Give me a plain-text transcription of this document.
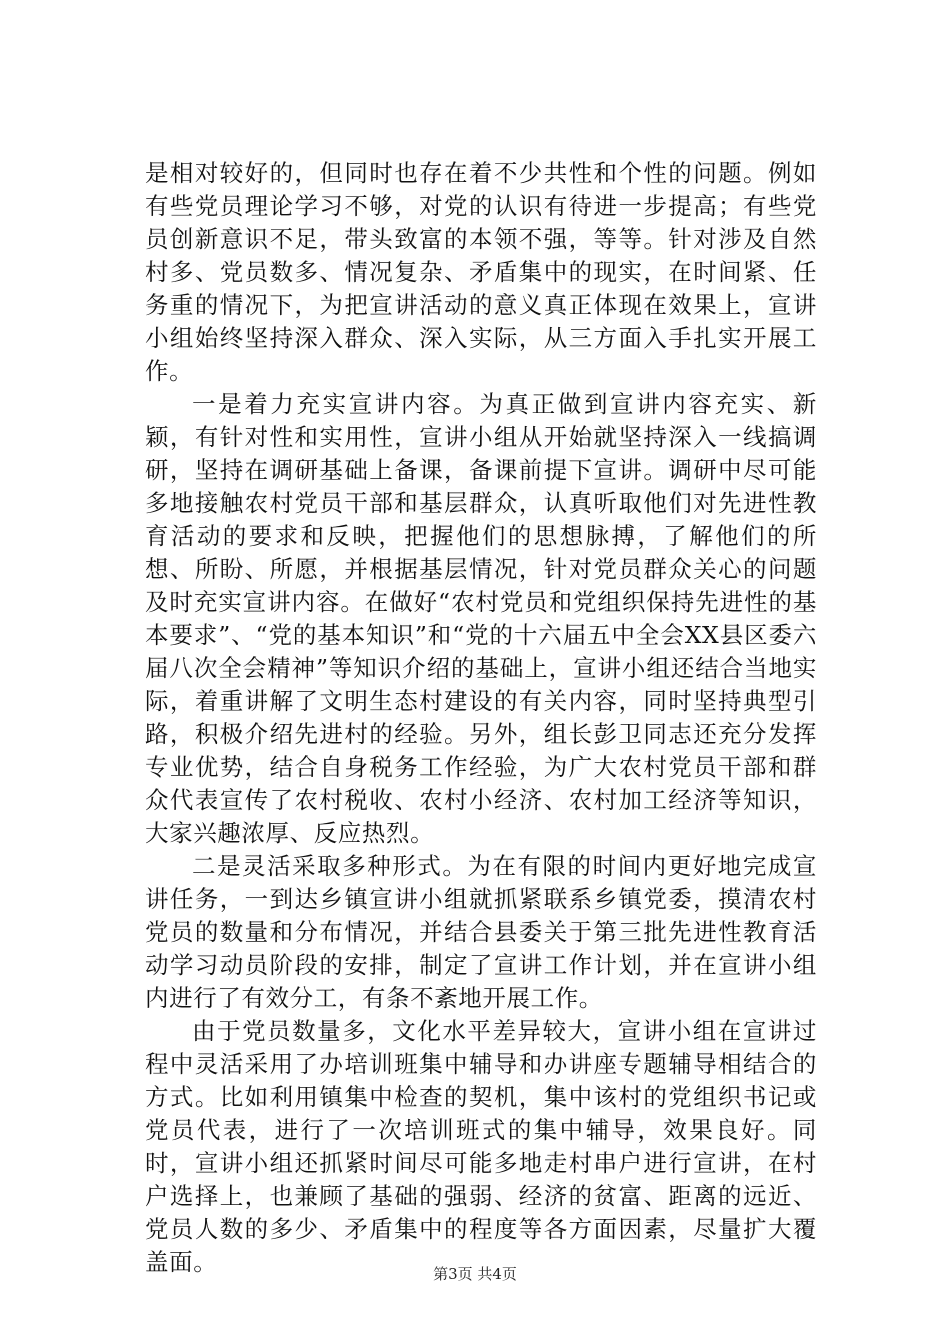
是相对较好的，但同时也存在着不少共性和个性的问题。例如有些党员理论学习不够，对党的认识有待进一步提高；有些党员创新意识不足，带头致富的本领不强，等等。针对涉及自然村多、党员数多、情况复杂、矛盾集中的现实，在时间紧、任务重的情况下，为把宣讲活动的意义真正体现在效果上，宣讲小组始终坚持深入群众、深入实际，从三方面入手扎实开展工作。

一是着力充实宣讲内容。为真正做到宣讲内容充实、新颖，有针对性和实用性，宣讲小组从开始就坚持深入一线搞调研，坚持在调研基础上备课，备课前提下宣讲。调研中尽可能多地接触农村党员干部和基层群众，认真听取他们对先进性教育活动的要求和反映，把握他们的思想脉搏，了解他们的所想、所盼、所愿，并根据基层情况，针对党员群众关心的问题及时充实宣讲内容。在做好“农村党员和党组织保持先进性的基本要求”、“党的基本知识”和“党的十六届五中全会XX县区委六届八次全会精神”等知识介绍的基础上，宣讲小组还结合当地实际，着重讲解了文明生态村建设的有关内容，同时坚持典型引路，积极介绍先进村的经验。另外，组长彭卫同志还充分发挥专业优势，结合自身税务工作经验，为广大农村党员干部和群众代表宣传了农村税收、农村小经济、农村加工经济等知识，大家兴趣浓厚、反应热烈。

二是灵活采取多种形式。为在有限的时间内更好地完成宣讲任务，一到达乡镇宣讲小组就抓紧联系乡镇党委，摸清农村党员的数量和分布情况，并结合县委关于第三批先进性教育活动学习动员阶段的安排，制定了宣讲工作计划，并在宣讲小组内进行了有效分工，有条不紊地开展工作。

由于党员数量多，文化水平差异较大，宣讲小组在宣讲过程中灵活采用了办培训班集中辅导和办讲座专题辅导相结合的方式。比如利用镇集中检查的契机，集中该村的党组织书记或党员代表，进行了一次培训班式的集中辅导，效果良好。同时，宣讲小组还抓紧时间尽可能多地走村串户进行宣讲，在村户选择上，也兼顾了基础的强弱、经济的贫富、距离的远近、党员人数的多少、矛盾集中的程度等各方面因素，尽量扩大覆盖面。	第3页 共4页
